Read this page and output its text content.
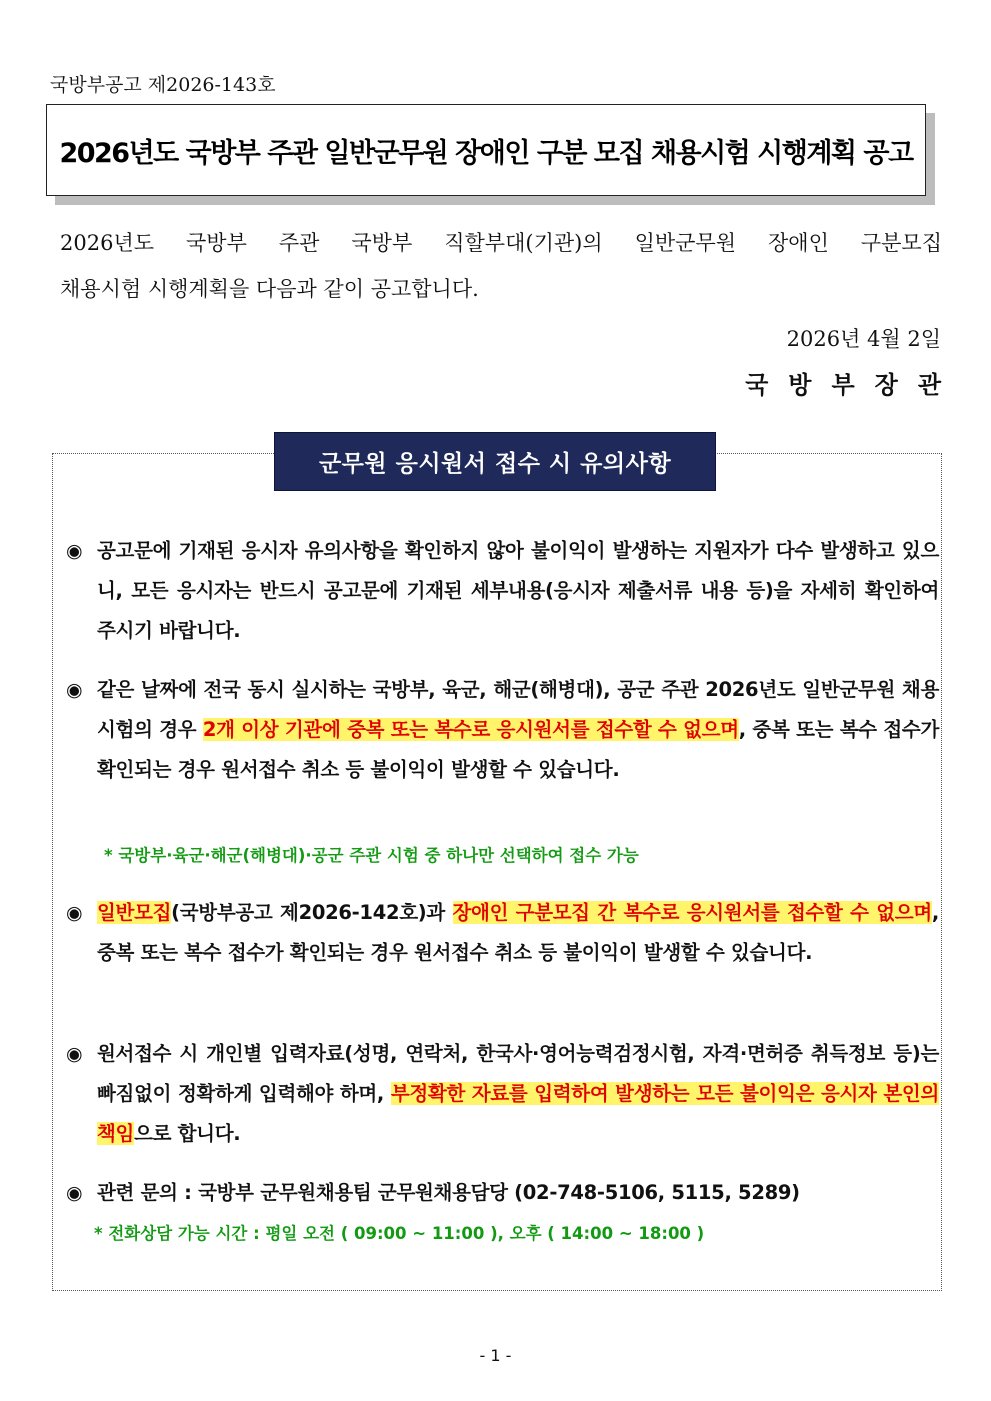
국방부공고 제2026-143호
2026년도 국방부 주관 일반군무원 장애인 구분 모집 채용시험 시행계획 공고
2026년도 국방부 주관 국방부 직할부대(기관)의 일반군무원 장애인 구분모집
채용시험 시행계획을 다음과 같이 공고합니다.
2026년 4월 2일
국방부장관
군무원 응시원서 접수 시 유의사항
◉ 공고문에 기재된 응시자 유의사항을 확인하지 않아 불이익이 발생하는 지원자가 다수 발생하고 있으니, 모든 응시자는 반드시 공고문에 기재된 세부내용(응시자 제출서류 내용 등)을 자세히 확인하여 주시기 바랍니다.
◉ 같은 날짜에 전국 동시 실시하는 국방부, 육군, 해군(해병대), 공군 주관 2026년도 일반군무원 채용시험의 경우 2개 이상 기관에 중복 또는 복수로 응시원서를 접수할 수 없으며, 중복 또는 복수 접수가 확인되는 경우 원서접수 취소 등 불이익이 발생할 수 있습니다.
* 국방부·육군·해군(해병대)·공군 주관 시험 중 하나만 선택하여 접수 가능
◉ 일반모집(국방부공고 제2026-142호)과 장애인 구분모집 간 복수로 응시원서를 접수할 수 없으며, 중복 또는 복수 접수가 확인되는 경우 원서접수 취소 등 불이익이 발생할 수 있습니다.
◉ 원서접수 시 개인별 입력자료(성명, 연락처, 한국사·영어능력검정시험, 자격·면허증 취득정보 등)는 빠짐없이 정확하게 입력해야 하며, 부정확한 자료를 입력하여 발생하는 모든 불이익은 응시자 본인의 책임으로 합니다.
◉ 관련 문의 : 국방부 군무원채용팀 군무원채용담당 (02-748-5106, 5115, 5289)
* 전화상담 가능 시간 : 평일 오전 ( 09:00 ~ 11:00 ), 오후 ( 14:00 ~ 18:00 )
- 1 -
